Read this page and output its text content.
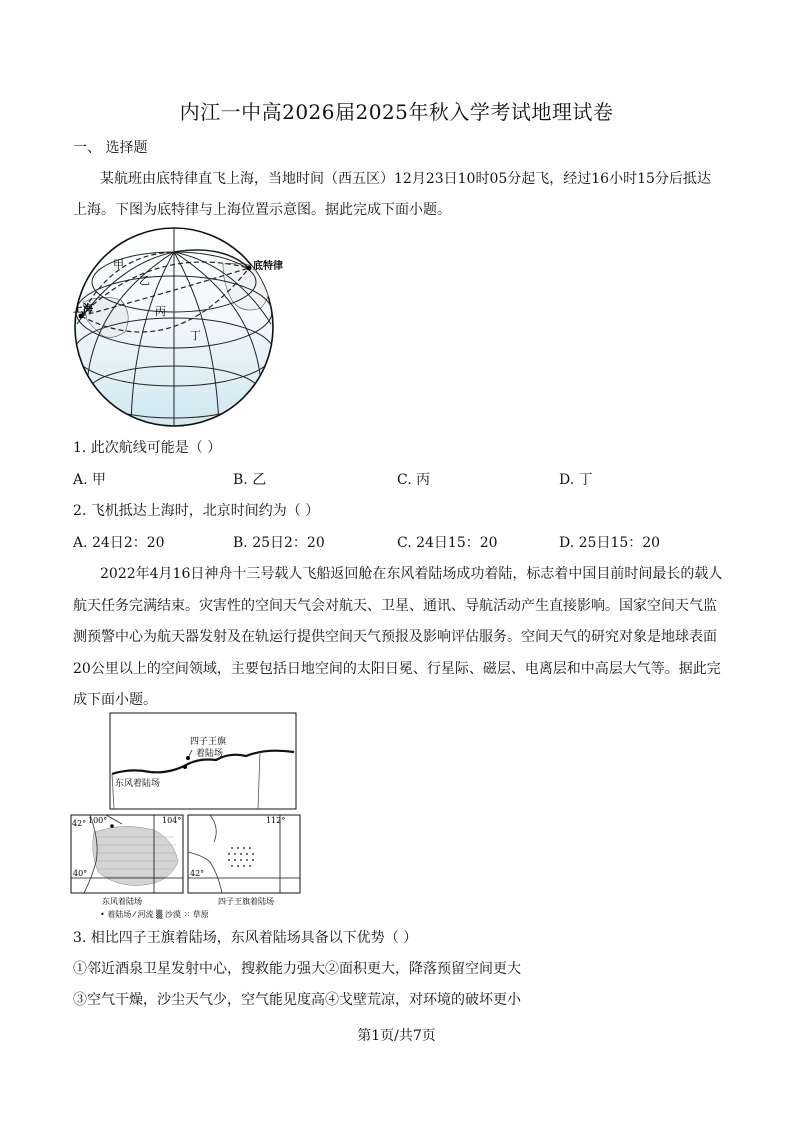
内江一中高2026届2025年秋入学考试地理试卷
一、 选择题
某航班由底特律直飞上海，当地时间（西五区）12月23日10时05分起飞，经过16小时15分后抵达
上海。下图为底特律与上海位置示意图。据此完成下面小题。
甲
乙
丙
丁
上海
底特律
1. 此次航线可能是（ ）
A. 甲	B. 乙	C. 丙	D. 丁
2. 飞机抵达上海时，北京时间约为（ ）
A. 24日2：20	B. 25日2：20	C. 24日15：20	D. 25日15：20
2022年4月16日神舟十三号载人飞船返回舱在东风着陆场成功着陆，标志着中国目前时间最长的载人
航天任务完满结束。灾害性的空间天气会对航天、卫星、通讯、导航活动产生直接影响。国家空间天气监
测预警中心为航天器发射及在轨运行提供空间天气预报及影响评估服务。空间天气的研究对象是地球表面
20公里以上的空间领域，主要包括日地空间的太阳日冕、行星际、磁层、电离层和中高层大气等。据此完
成下面小题。
四子王旗
着陆场
东风着陆场
42° 100°	104°
40°
112°
42°
东风着陆场	四子王旗着陆场
• 着陆场 ⁄ 河流 ▒ 沙漠 ⁙ 草原
3. 相比四子王旗着陆场，东风着陆场具备以下优势（ ）
①邻近酒泉卫星发射中心，搜救能力强大②面积更大，降落预留空间更大
③空气干燥，沙尘天气少，空气能见度高④戈壁荒凉，对环境的破坏更小
第1页/共7页
